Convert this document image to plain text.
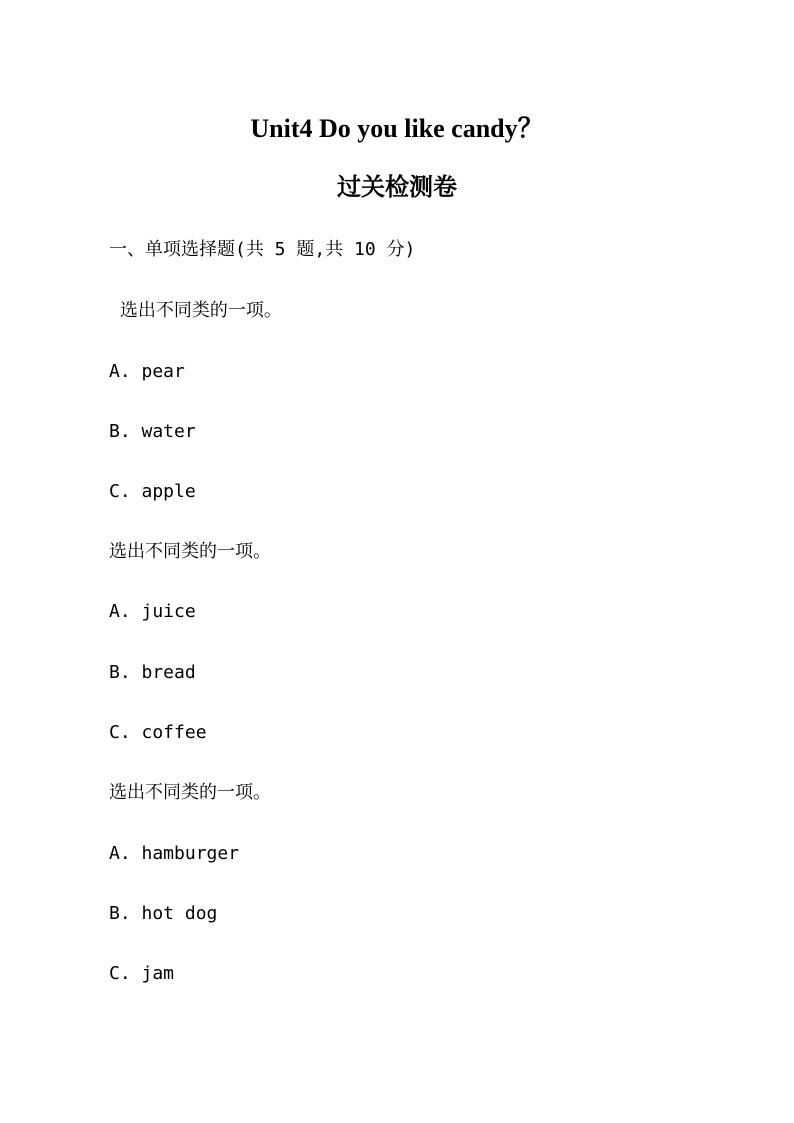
Unit4 Do you like candy？
过关检测卷
一、单项选择题(共 5 题,共 10 分)
选出不同类的一项。
A. pear
B. water
C. apple
选出不同类的一项。
A. juice
B. bread
C. coffee
选出不同类的一项。
A. hamburger
B. hot dog
C. jam
